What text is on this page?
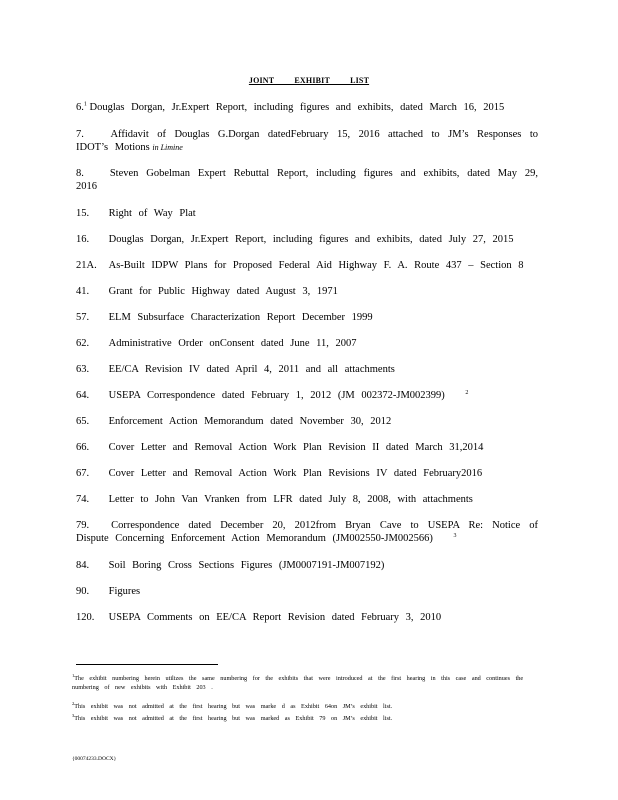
JOINT EXHIBIT LIST
6.$^1$ Douglas Dorgan, Jr.Expert Report, including figures and exhibits, dated March 16, 2015
7.	Affidavit of Douglas G.Dorgan datedFebruary 15, 2016 attached to JM’s Responses to IDOT’s Motions in Limine
8. Steven Gobelman Expert Rebuttal Report, including figures and exhibits, dated May 29, 2016
15. Right of Way Plat
16. Douglas Dorgan, Jr.Expert Report, including figures and exhibits, dated July 27, 2015
21A. As-Built IDPW Plans for Proposed Federal Aid Highway F. A. Route 437 – Section 8
41. Grant for Public Highway dated August 3, 1971
57. ELM Subsurface Characterization Report December 1999
62. Administrative Order onConsent dated June 11, 2007
63. EE/CA Revision IV dated April 4, 2011 and all attachments
64. USEPA Correspondence dated February 1, 2012 (JM 002372-JM002399)	$^2$
65. Enforcement Action Memorandum dated November 30, 2012
66. Cover Letter and Removal Action Work Plan Revision II dated March 31,2014
67. Cover Letter and Removal Action Work Plan Revisions IV dated February2016
74. Letter to John Van Vranken from LFR dated July 8, 2008, with attachments
79. Correspondence dated December 20, 2012from Bryan Cave to USEPA Re: Notice of Dispute Concerning Enforcement Action Memorandum (JM002550-JM002566)	$^3$
84. Soil Boring Cross Sections Figures (JM0007191-JM007192)
90. Figures
120. USEPA Comments on EE/CA Report Revision dated February 3, 2010
$^1$The exhibit numbering herein utilizes the same numbering for the exhibits that were introduced at the first hearing in this case and continues the numbering of new exhibits with Exhibit 203 .
$^2$This exhibit was not admitted at the first hearing but was marke d as Exhibit 64on JM’s exhibit list.
$^3$This exhibit was not admitted at the first hearing but was marked as Exhibit 79 on JM’s exhibit list.
{00074233.DOCX}
